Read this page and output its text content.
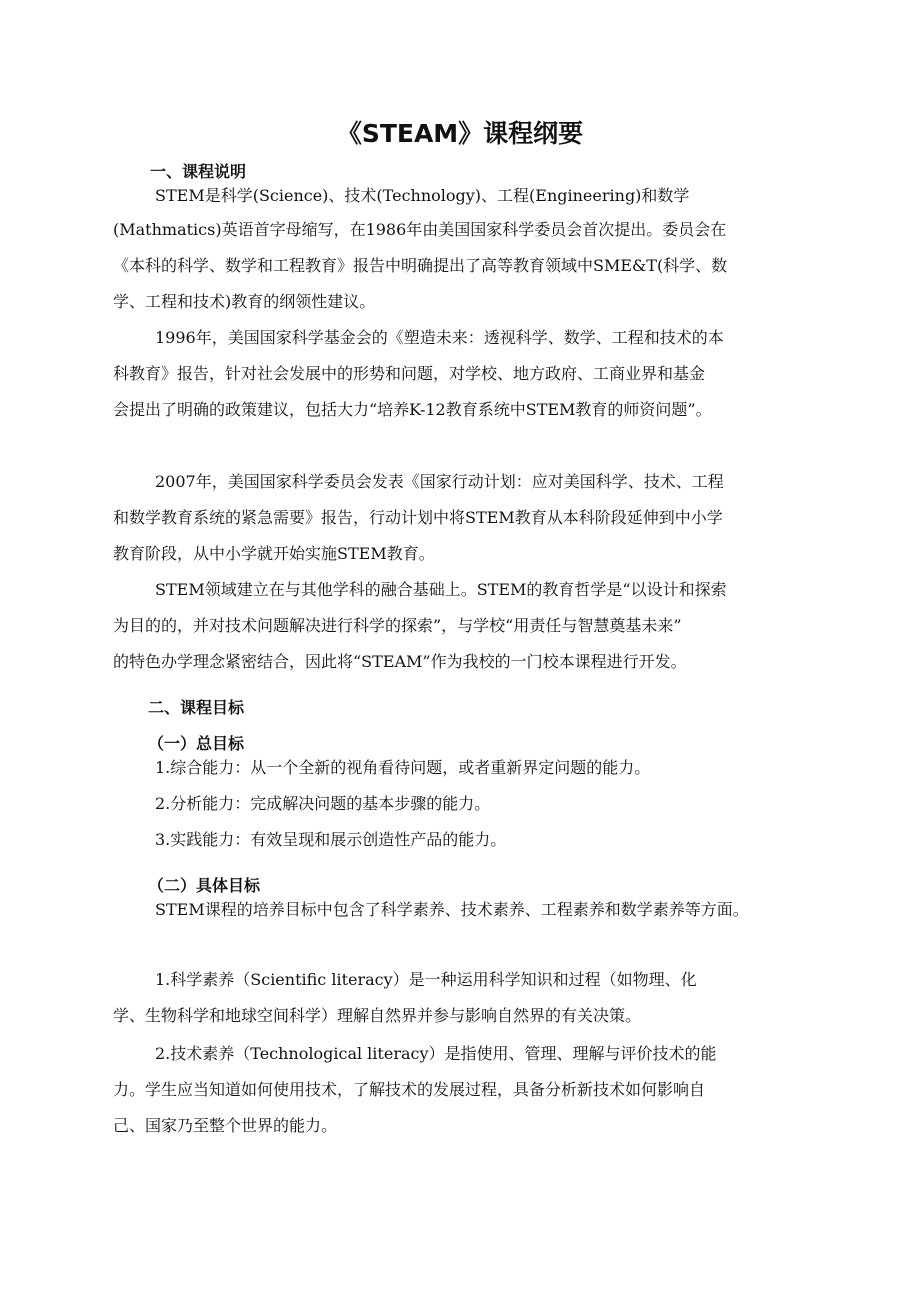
《STEAM》课程纲要
一、课程说明
STEM是科学(Science)、技术(Technology)、工程(Engineering)和数学
(Mathmatics)英语首字母缩写，在1986年由美国国家科学委员会首次提出。委员会在
《本科的科学、数学和工程教育》报告中明确提出了高等教育领域中SME&T(科学、数
学、工程和技术)教育的纲领性建议。
1996年，美国国家科学基金会的《塑造未来：透视科学、数学、工程和技术的本
科教育》报告，针对社会发展中的形势和问题，对学校、地方政府、工商业界和基金
会提出了明确的政策建议，包括大力“培养K-12教育系统中STEM教育的师资问题”。
2007年，美国国家科学委员会发表《国家行动计划：应对美国科学、技术、工程
和数学教育系统的紧急需要》报告，行动计划中将STEM教育从本科阶段延伸到中小学
教育阶段，从中小学就开始实施STEM教育。
STEM领域建立在与其他学科的融合基础上。STEM的教育哲学是“以设计和探索
为目的的，并对技术问题解决进行科学的探索”，与学校“用责任与智慧奠基未来”
的特色办学理念紧密结合，因此将“STEAM”作为我校的一门校本课程进行开发。
二、课程目标
（一）总目标
1.综合能力：从一个全新的视角看待问题，或者重新界定问题的能力。
2.分析能力：完成解决问题的基本步骤的能力。
3.实践能力：有效呈现和展示创造性产品的能力。
（二）具体目标
STEM课程的培养目标中包含了科学素养、技术素养、工程素养和数学素养等方面。
1.科学素养（Scientific literacy）是一种运用科学知识和过程（如物理、化
学、生物科学和地球空间科学）理解自然界并参与影响自然界的有关决策。
2.技术素养（Technological literacy）是指使用、管理、理解与评价技术的能
力。学生应当知道如何使用技术，了解技术的发展过程，具备分析新技术如何影响自
己、国家乃至整个世界的能力。
